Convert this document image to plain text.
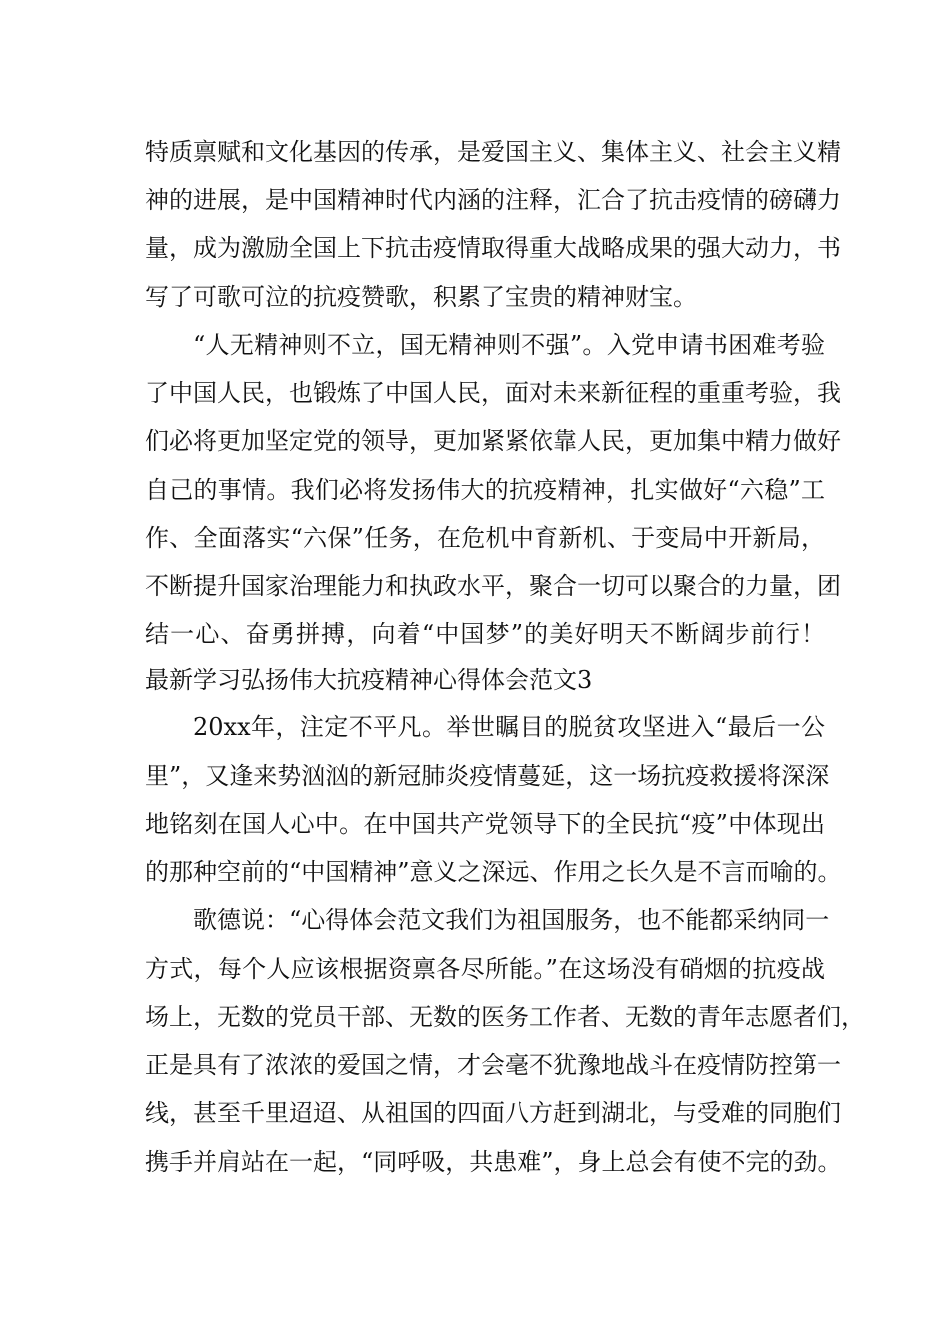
特质禀赋和文化基因的传承，是爱国主义、集体主义、社会主义精

神的进展，是中国精神时代内涵的注释，汇合了抗击疫情的磅礴力

量，成为激励全国上下抗击疫情取得重大战略成果的强大动力，书

写了可歌可泣的抗疫赞歌，积累了宝贵的精神财宝。

“人无精神则不立，国无精神则不强”。入党申请书困难考验

了中国人民，也锻炼了中国人民，面对未来新征程的重重考验，我

们必将更加坚定党的领导，更加紧紧依靠人民，更加集中精力做好

自己的事情。我们必将发扬伟大的抗疫精神，扎实做好“六稳”工

作、全面落实“六保”任务，在危机中育新机、于变局中开新局，

不断提升国家治理能力和执政水平，聚合一切可以聚合的力量，团

结一心、奋勇拼搏，向着“中国梦”的美好明天不断阔步前行！

最新学习弘扬伟大抗疫精神心得体会范文3

20xx年，注定不平凡。举世瞩目的脱贫攻坚进入“最后一公

里”，又逢来势汹汹的新冠肺炎疫情蔓延，这一场抗疫救援将深深

地铭刻在国人心中。在中国共产党领导下的全民抗“疫”中体现出

的那种空前的“中国精神”意义之深远、作用之长久是不言而喻的。

歌德说：“心得体会范文我们为祖国服务，也不能都采纳同一

方式，每个人应该根据资禀各尽所能。”在这场没有硝烟的抗疫战

场上，无数的党员干部、无数的医务工作者、无数的青年志愿者们，

正是具有了浓浓的爱国之情，才会毫不犹豫地战斗在疫情防控第一

线，甚至千里迢迢、从祖国的四面八方赶到湖北，与受难的同胞们

携手并肩站在一起，“同呼吸，共患难”，身上总会有使不完的劲。
